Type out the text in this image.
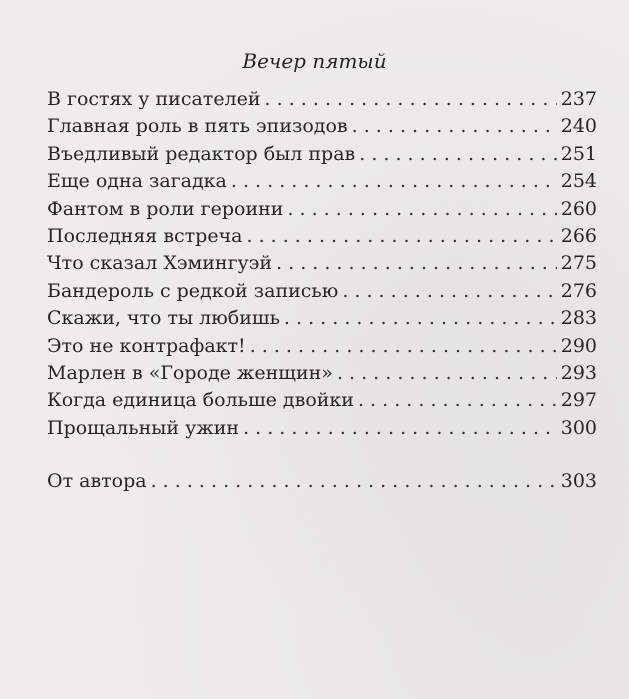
Вечер пятый
В гостях у писателей . . .	237
Главная роль в пять эпизодов . . .	240
Въедливый редактор был прав . . .	251
Еще одна загадка . . .	254
Фантом в роли героини . . .	260
Последняя встреча . . .	266
Что сказал Хэмингуэй . . .	275
Бандероль с редкой записью . . .	276
Скажи, что ты любишь . . .	283
Это не контрафакт! . . .	290
Марлен в «Городе женщин» . . .	293
Когда единица больше двойки . . .	297
Прощальный ужин . . .	300
От автора . . .	303
